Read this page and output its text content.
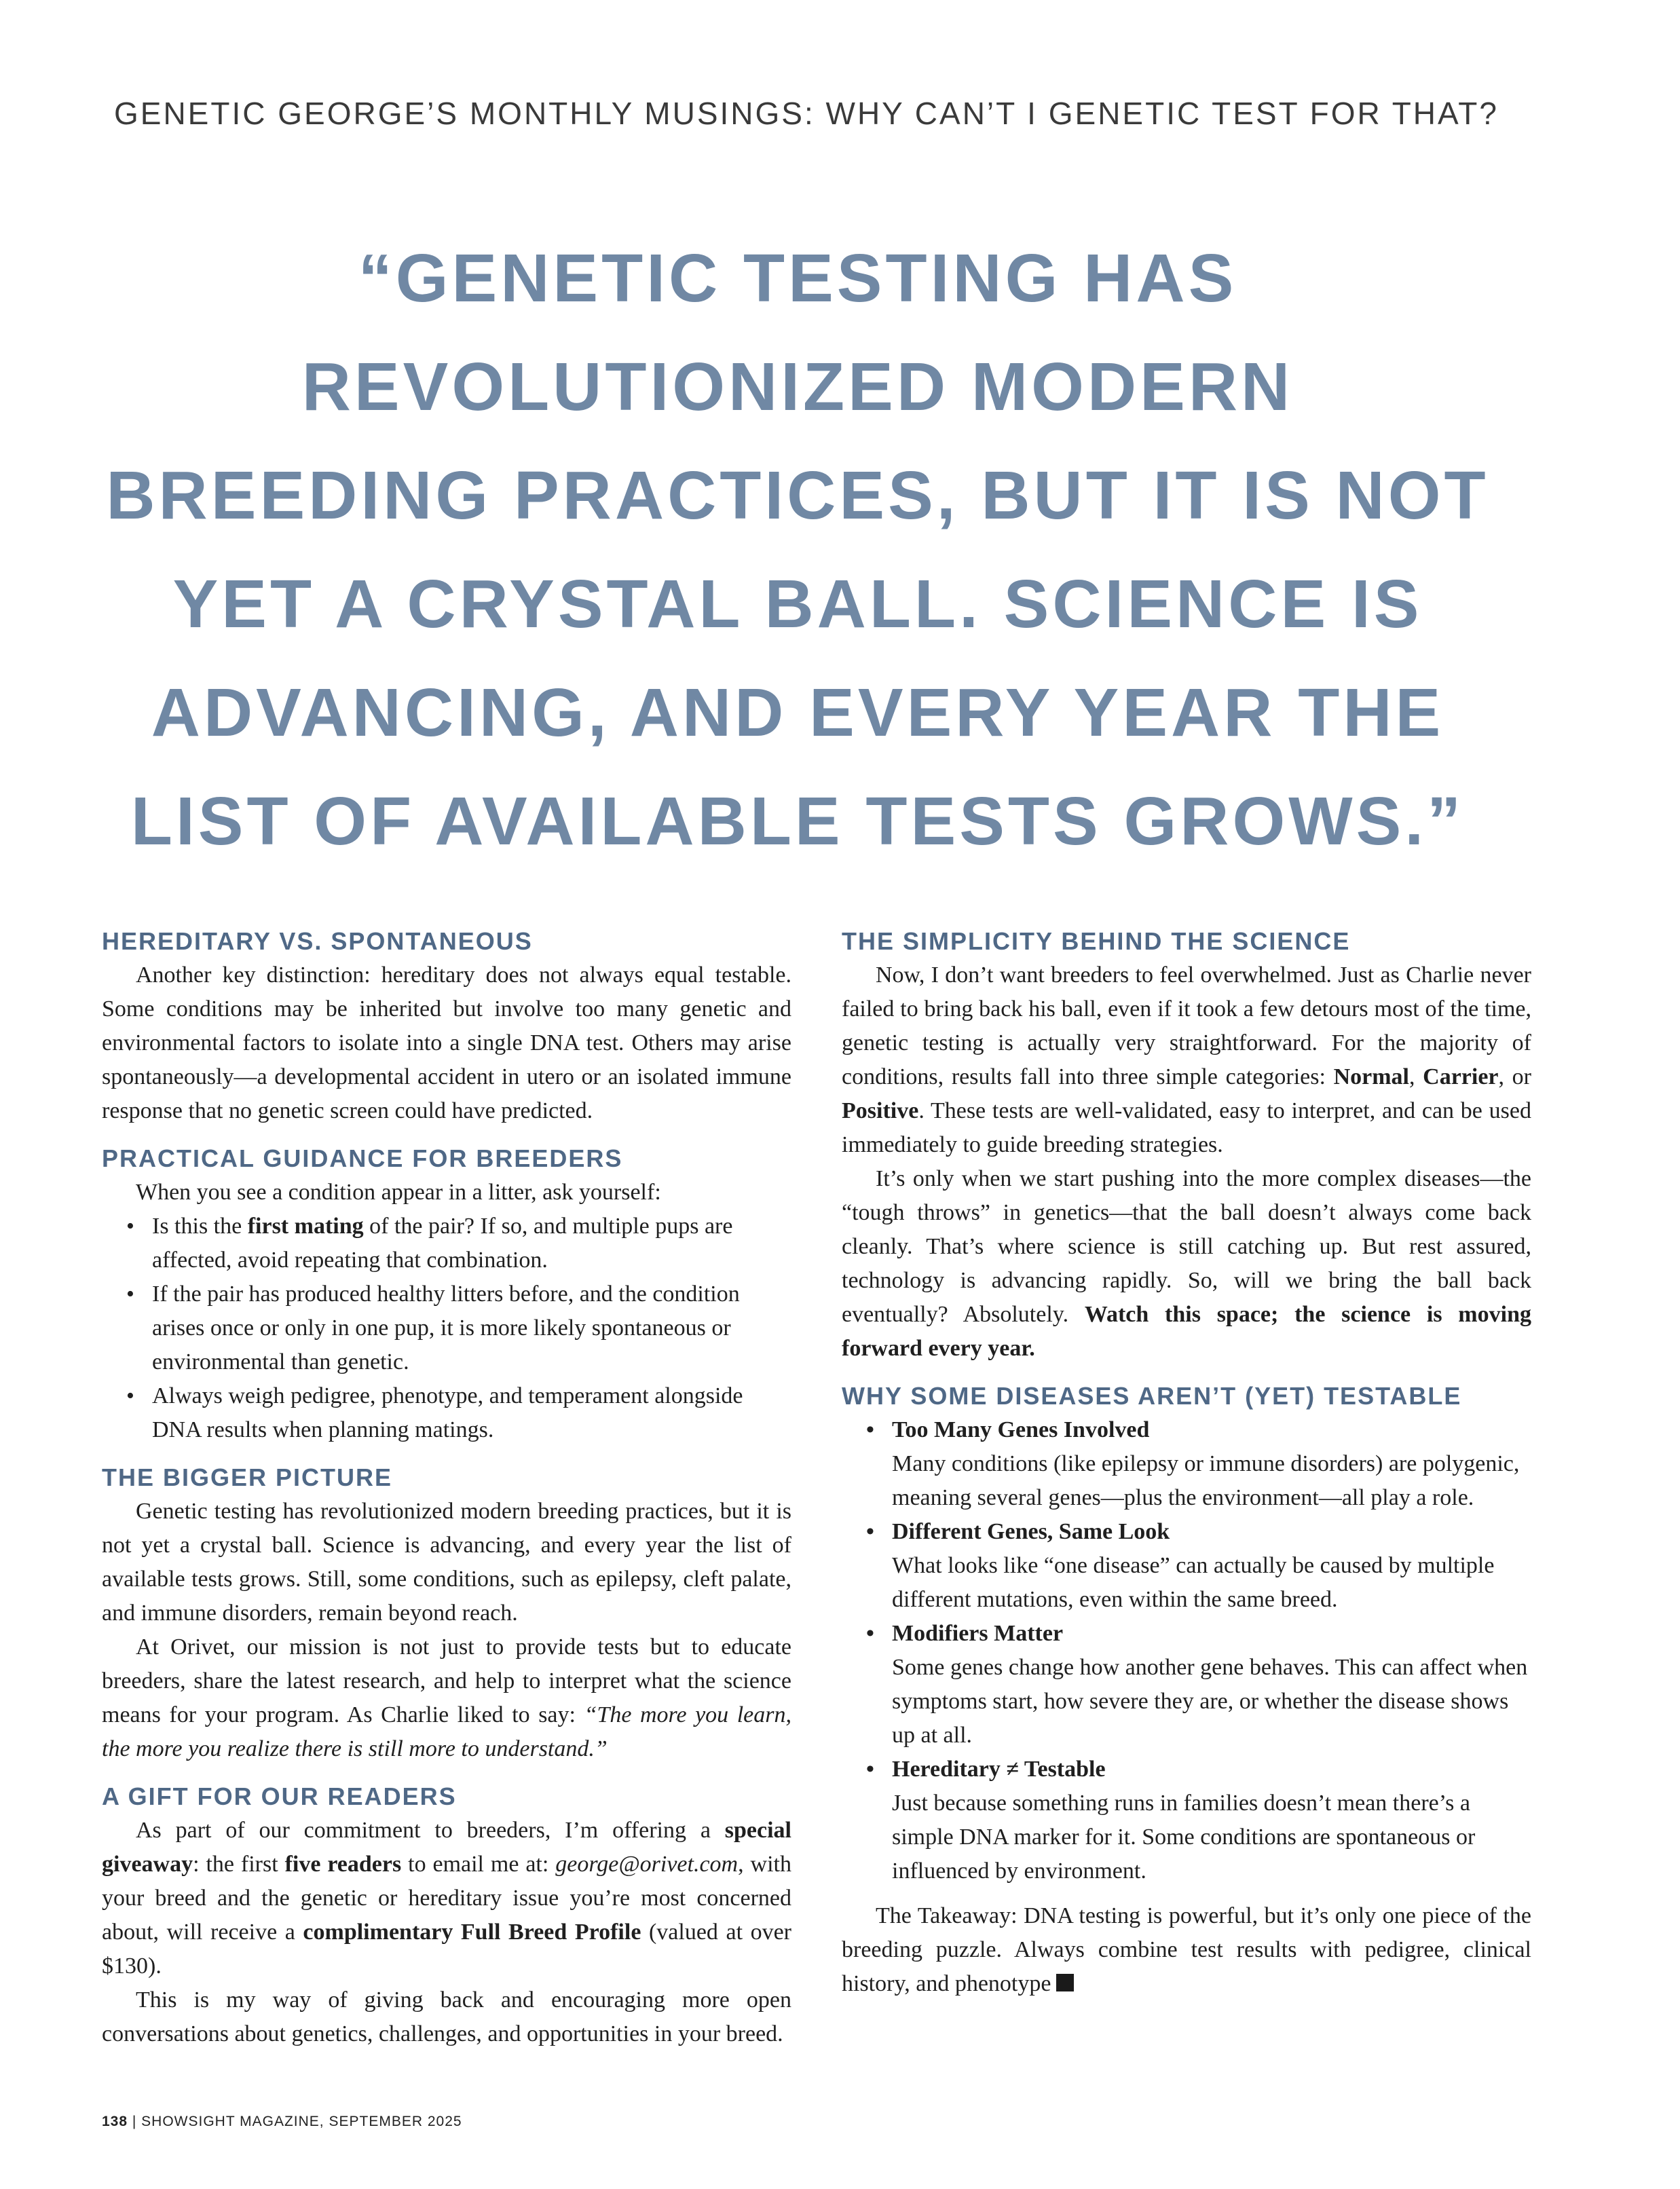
GENETIC GEORGE’S MONTHLY MUSINGS: WHY CAN’T I GENETIC TEST FOR THAT?
“GENETIC TESTING HAS REVOLUTIONIZED MODERN BREEDING PRACTICES, BUT IT IS NOT YET A CRYSTAL BALL. SCIENCE IS ADVANCING, AND EVERY YEAR THE LIST OF AVAILABLE TESTS GROWS.”
HEREDITARY VS. SPONTANEOUS

Another key distinction: hereditary does not always equal testable. Some conditions may be inherited but involve too many genetic and environmental factors to isolate into a single DNA test. Others may arise spontaneously—a developmental accident in utero or an isolated immune response that no genetic screen could have predicted.

PRACTICAL GUIDANCE FOR BREEDERS

When you see a condition appear in a litter, ask yourself:

• Is this the first mating of the pair? If so, and multiple pups are affected, avoid repeating that combination.
• If the pair has produced healthy litters before, and the condition arises once or only in one pup, it is more likely spontaneous or environmental than genetic.
• Always weigh pedigree, phenotype, and temperament alongside DNA results when planning matings.
THE BIGGER PICTURE

Genetic testing has revolutionized modern breeding practices, but it is not yet a crystal ball. Science is advancing, and every year the list of available tests grows. Still, some conditions, such as epilepsy, cleft palate, and immune disorders, remain beyond reach.

At Orivet, our mission is not just to provide tests but to educate breeders, share the latest research, and help to interpret what the science means for your program. As Charlie liked to say: “The more you learn, the more you realize there is still more to understand.”

A GIFT FOR OUR READERS

As part of our commitment to breeders, I’m offering a special giveaway: the first five readers to email me at: george@orivet.com, with your breed and the genetic or hereditary issue you’re most concerned about, will receive a complimentary Full Breed Profile (valued at over $130).

This is my way of giving back and encouraging more open conversations about genetics, challenges, and opportunities in your breed.

THE SIMPLICITY BEHIND THE SCIENCE

Now, I don’t want breeders to feel overwhelmed. Just as Charlie never failed to bring back his ball, even if it took a few detours most of the time, genetic testing is actually very straightforward. For the majority of conditions, results fall into three simple categories: Normal, Carrier, or Positive. These tests are well-validated, easy to interpret, and can be used immediately to guide breeding strategies.

It’s only when we start pushing into the more complex diseases—the “tough throws” in genetics—that the ball doesn’t always come back cleanly. That’s where science is still catching up. But rest assured, technology is advancing rapidly. So, will we bring the ball back eventually? Absolutely. Watch this space; the science is moving forward every year.

WHY SOME DISEASES AREN’T (YET) TESTABLE
• Too Many Genes Involved
Many conditions (like epilepsy or immune disorders) are polygenic, meaning several genes—plus the environment—all play a role.
• Different Genes, Same Look
What looks like “one disease” can actually be caused by multiple different mutations, even within the same breed.
• Modifiers Matter
Some genes change how another gene behaves. This can affect when symptoms start, how severe they are, or whether the disease shows up at all.
• Hereditary ≠ Testable
Just because something runs in families doesn’t mean there’s a simple DNA marker for it. Some conditions are spontaneous or influenced by environment.

The Takeaway: DNA testing is powerful, but it’s only one piece of the breeding puzzle. Always combine test results with pedigree, clinical history, and phenotype

138 | SHOWSIGHT MAGAZINE, SEPTEMBER 2025
